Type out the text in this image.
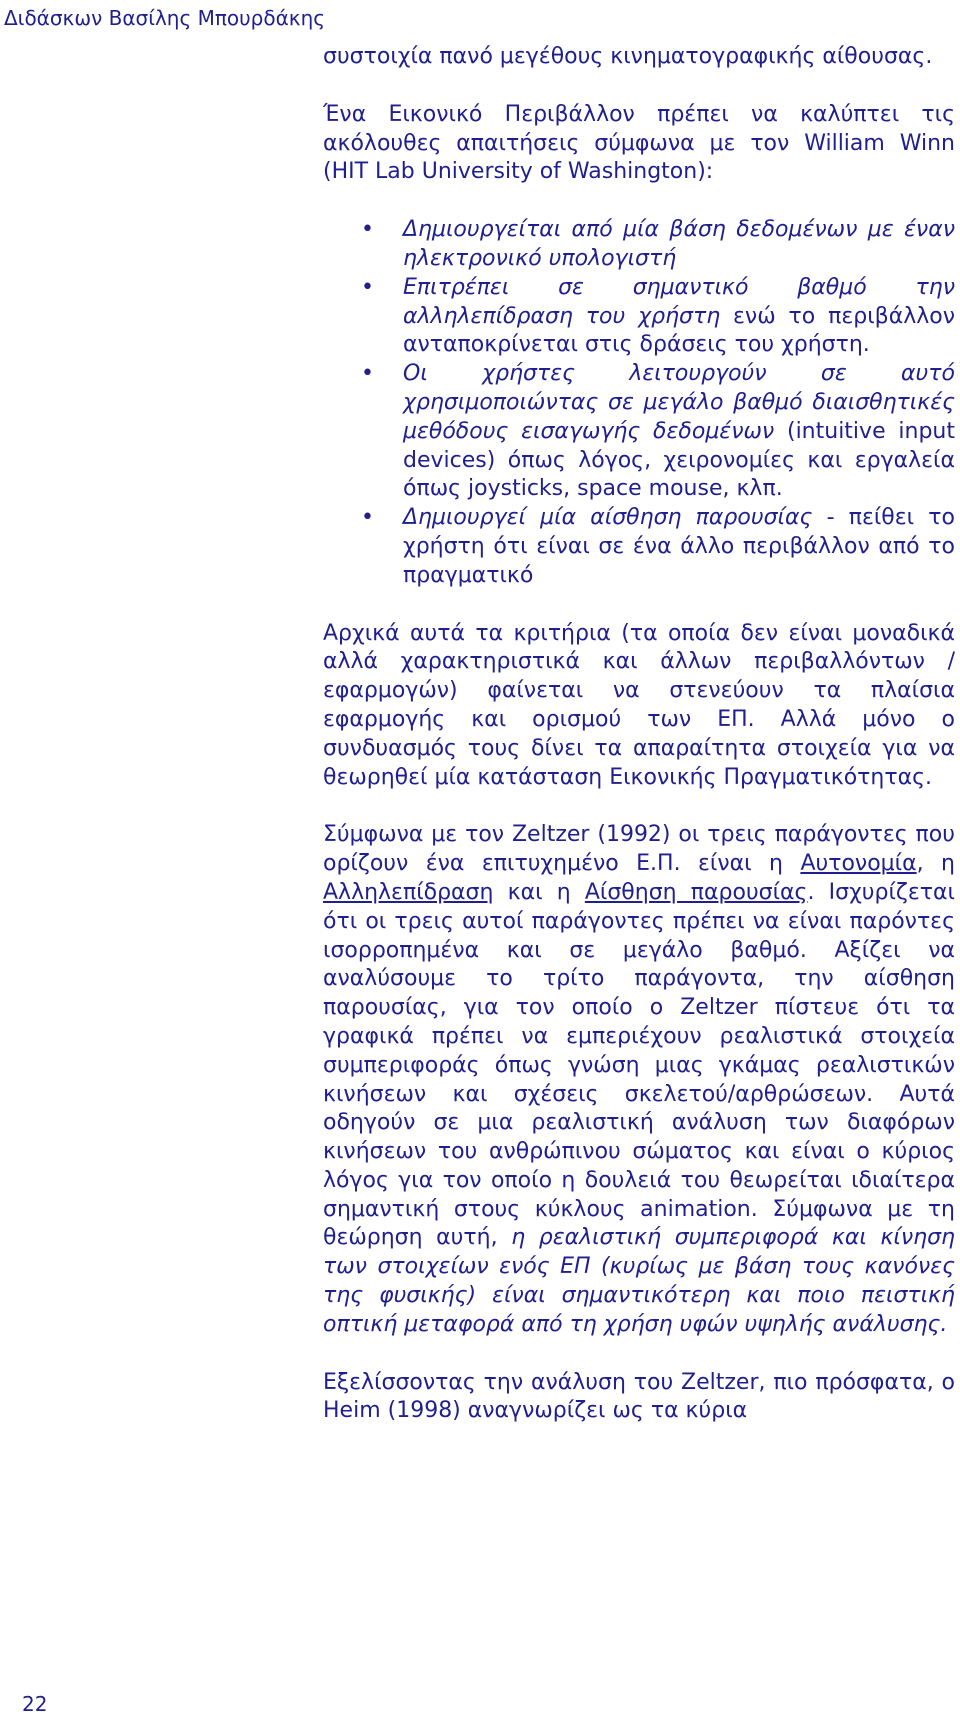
Διδάσκων Βασίλης Μπουρδάκης

συστοιχία πανό μεγέθους κινηματογραφικής αίθουσας.

Ένα Εικονικό Περιβάλλον πρέπει να καλύπτει τις ακόλουθες απαιτήσεις σύμφωνα με τον William Winn (HIT Lab University of Washington):

• Δημιουργείται από μία βάση δεδομένων με έναν ηλεκτρονικό υπολογιστή
• Επιτρέπει σε σημαντικό βαθμό την αλληλεπίδραση του χρήστη ενώ το περιβάλλον ανταποκρίνεται στις δράσεις του χρήστη.
• Οι χρήστες λειτουργούν σε αυτό χρησιμοποιώντας σε μεγάλο βαθμό διαισθητικές μεθόδους εισαγωγής δεδομένων (intuitive input devices) όπως λόγος, χειρονομίες και εργαλεία όπως joysticks, space mouse, κλπ.
• Δημιουργεί μία αίσθηση παρουσίας - πείθει το χρήστη ότι είναι σε ένα άλλο περιβάλλον από το πραγματικό

Αρχικά αυτά τα κριτήρια (τα οποία δεν είναι μοναδικά αλλά χαρακτηριστικά και άλλων περιβαλλόντων / εφαρμογών) φαίνεται να στενεύουν τα πλαίσια εφαρμογής και ορισμού των ΕΠ. Αλλά μόνο ο συνδυασμός τους δίνει τα απαραίτητα στοιχεία για να θεωρηθεί μία κατάσταση Εικονικής Πραγματικότητας.

Σύμφωνα με τον Zeltzer (1992) οι τρεις παράγοντες που ορίζουν ένα επιτυχημένο Ε.Π. είναι η Αυτονομία, η Αλληλεπίδραση και η Αίσθηση παρουσίας. Ισχυρίζεται ότι οι τρεις αυτοί παράγοντες πρέπει να είναι παρόντες ισορροπημένα και σε μεγάλο βαθμό. Αξίζει να αναλύσουμε το τρίτο παράγοντα, την αίσθηση παρουσίας, για τον οποίο ο Zeltzer πίστευε ότι τα γραφικά πρέπει να εμπεριέχουν ρεαλιστικά στοιχεία συμπεριφοράς όπως γνώση μιας γκάμας ρεαλιστικών κινήσεων και σχέσεις σκελετού/αρθρώσεων. Αυτά οδηγούν σε μια ρεαλιστική ανάλυση των διαφόρων κινήσεων του ανθρώπινου σώματος και είναι ο κύριος λόγος για τον οποίο η δουλειά του θεωρείται ιδιαίτερα σημαντική στους κύκλους animation. Σύμφωνα με τη θεώρηση αυτή, η ρεαλιστική συμπεριφορά και κίνηση των στοιχείων ενός ΕΠ (κυρίως με βάση τους κανόνες της φυσικής) είναι σημαντικότερη και ποιο πειστική οπτική μεταφορά από τη χρήση υφών υψηλής ανάλυσης.

Εξελίσσοντας την ανάλυση του Zeltzer, πιο πρόσφατα, ο Heim (1998) αναγνωρίζει ως τα κύρια

22
